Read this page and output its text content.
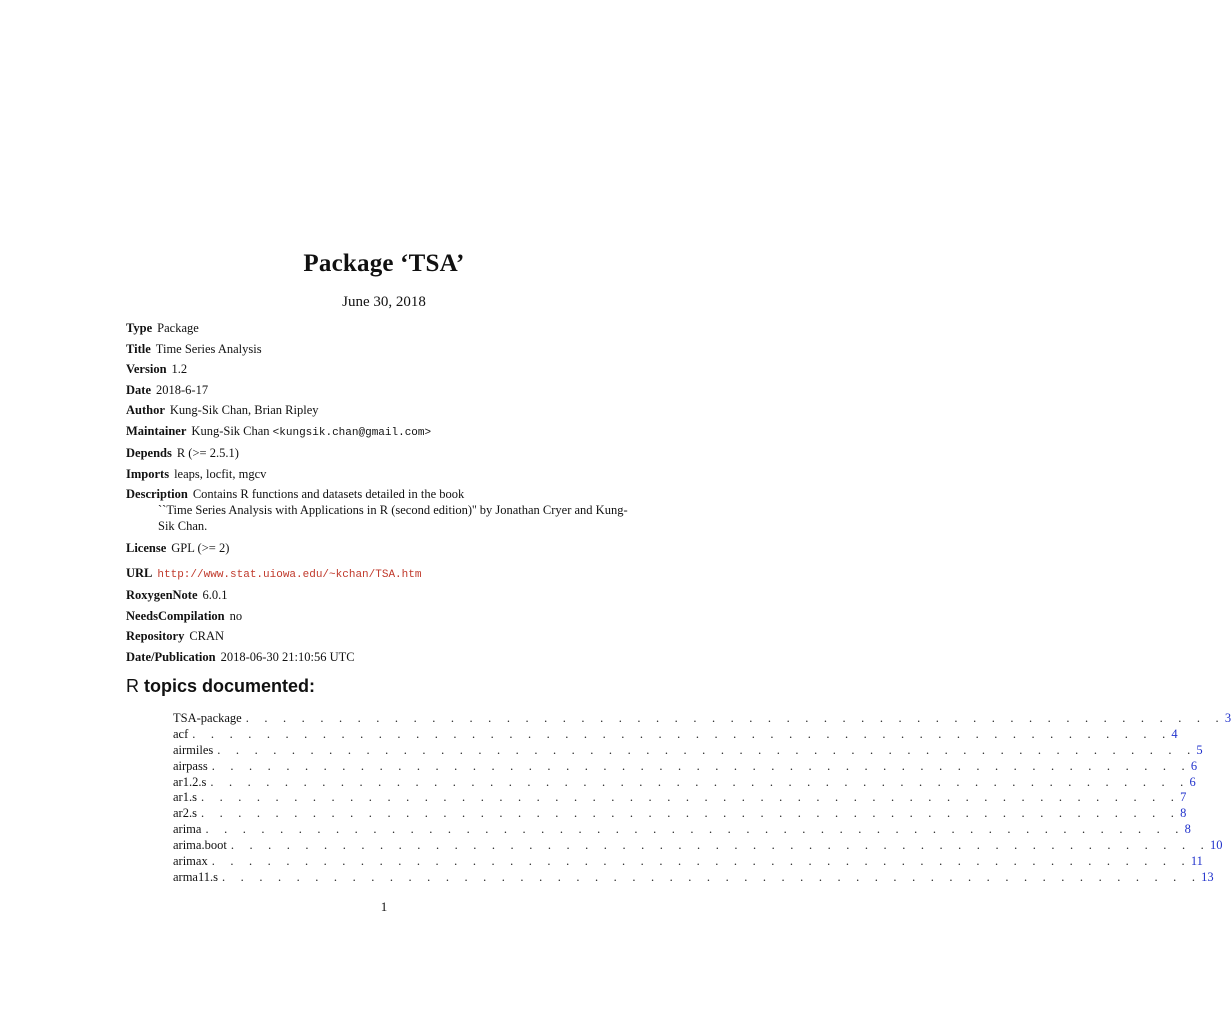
Package ‘TSA’
June 30, 2018
Type Package
Title Time Series Analysis
Version 1.2
Date 2018-6-17
Author Kung-Sik Chan, Brian Ripley
Maintainer Kung-Sik Chan <kungsik.chan@gmail.com>
Depends R (>= 2.5.1)
Imports leaps, locfit, mgcv
Description Contains R functions and datasets detailed in the book
``Time Series Analysis with Applications in R (second edition)'' by Jonathan Cryer and Kung-
Sik Chan.
License GPL (>= 2)
URL http://www.stat.uiowa.edu/~kchan/TSA.htm
RoxygenNote 6.0.1
NeedsCompilation no
Repository CRAN
Date/Publication 2018-06-30 21:10:56 UTC
R topics documented:
TSA-package . . . . . . . . . . . . . . . . . . . . . . . . . . . . . . . . . . . . . . . . . . . . . . . . . . . . . 3
acf . . . . . . . . . . . . . . . . . . . . . . . . . . . . . . . . . . . . . . . . . . . . . . . . . . . . . 4
airmiles . . . . . . . . . . . . . . . . . . . . . . . . . . . . . . . . . . . . . . . . . . . . . . . . . . . . . 5
airpass . . . . . . . . . . . . . . . . . . . . . . . . . . . . . . . . . . . . . . . . . . . . . . . . . . . . . 6
ar1.2.s . . . . . . . . . . . . . . . . . . . . . . . . . . . . . . . . . . . . . . . . . . . . . . . . . . . . . 6
ar1.s . . . . . . . . . . . . . . . . . . . . . . . . . . . . . . . . . . . . . . . . . . . . . . . . . . . . . 7
ar2.s . . . . . . . . . . . . . . . . . . . . . . . . . . . . . . . . . . . . . . . . . . . . . . . . . . . . . 8
arima . . . . . . . . . . . . . . . . . . . . . . . . . . . . . . . . . . . . . . . . . . . . . . . . . . . . . 8
arima.boot . . . . . . . . . . . . . . . . . . . . . . . . . . . . . . . . . . . . . . . . . . . . . . . . . . . . . 10
arimax . . . . . . . . . . . . . . . . . . . . . . . . . . . . . . . . . . . . . . . . . . . . . . . . . . . . . 11
arma11.s . . . . . . . . . . . . . . . . . . . . . . . . . . . . . . . . . . . . . . . . . . . . . . . . . . . . . 13
1
